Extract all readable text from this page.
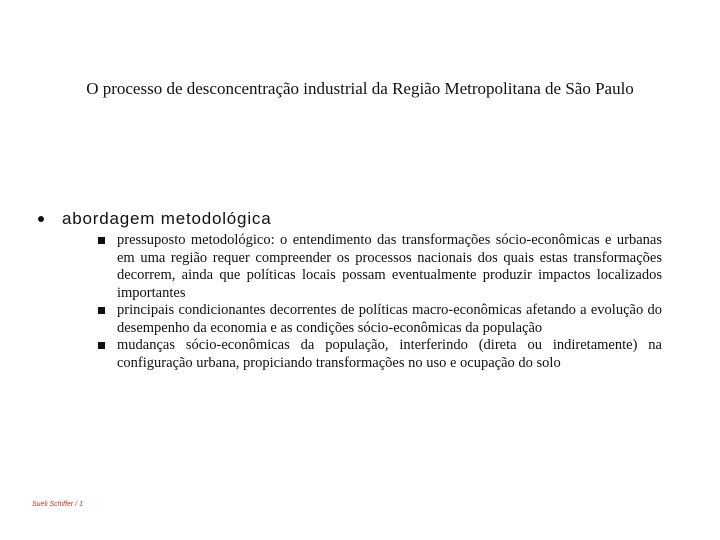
O processo de desconcentração industrial da Região Metropolitana de São Paulo
abordagem metodológica
pressuposto metodológico: o entendimento das transformações sócio-econômicas e urbanas em uma região requer compreender os processos nacionais dos quais estas transformações decorrem, ainda que políticas locais possam eventualmente produzir impactos localizados importantes
principais condicionantes decorrentes de políticas macro-econômicas afetando a evolução do desempenho da economia e as condições sócio-econômicas da população
mudanças sócio-econômicas da população, interferindo (direta ou indiretamente) na configuração urbana, propiciando transformações no uso e ocupação do solo
Sueli Schiffer / 1
